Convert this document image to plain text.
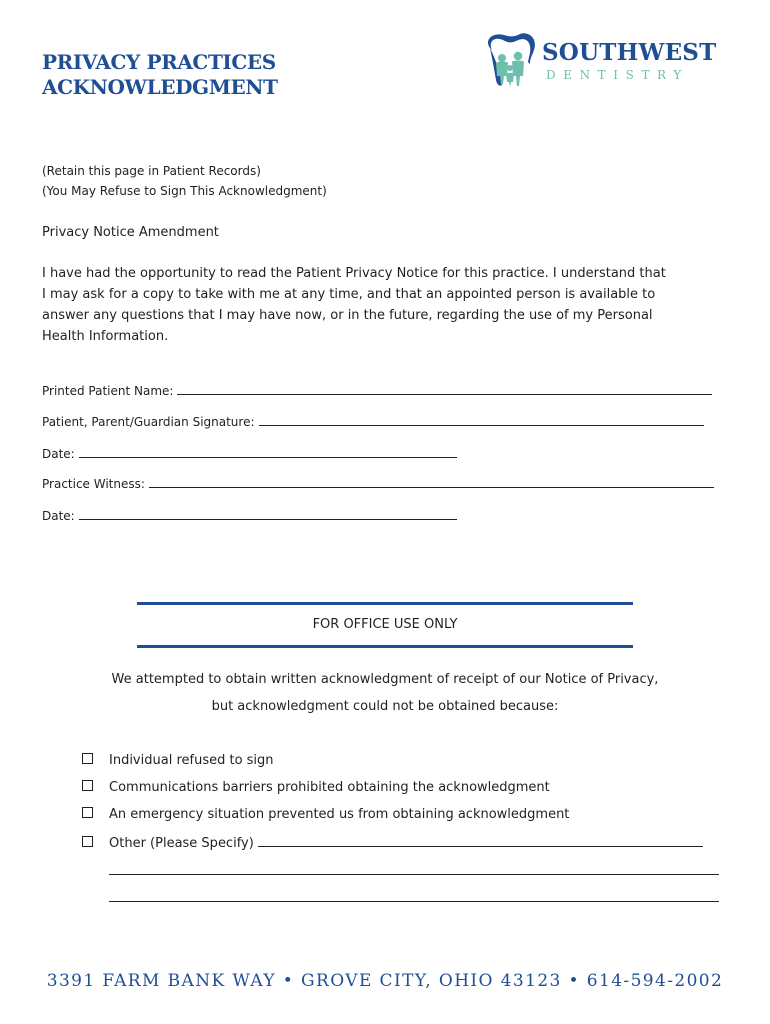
PRIVACY PRACTICES
ACKNOWLEDGMENT
SOUTHWEST
DENTISTRY
(Retain this page in Patient Records)
(You May Refuse to Sign This Acknowledgment)
Privacy Notice Amendment
I have had the opportunity to read the Patient Privacy Notice for this practice. I understand that
I may ask for a copy to take with me at any time, and that an appointed person is available to
answer any questions that I may have now, or in the future, regarding the use of my Personal
Health Information.
Printed Patient Name:
Patient, Parent/Guardian Signature:
Date:
Practice Witness:
Date:
FOR OFFICE USE ONLY
We attempted to obtain written acknowledgment of receipt of our Notice of Privacy,
but acknowledgment could not be obtained because:
Individual refused to sign
Communications barriers prohibited obtaining the acknowledgment
An emergency situation prevented us from obtaining acknowledgment
Other (Please Specify)
3391 FARM BANK WAY • GROVE CITY, OHIO 43123 • 614-594-2002
